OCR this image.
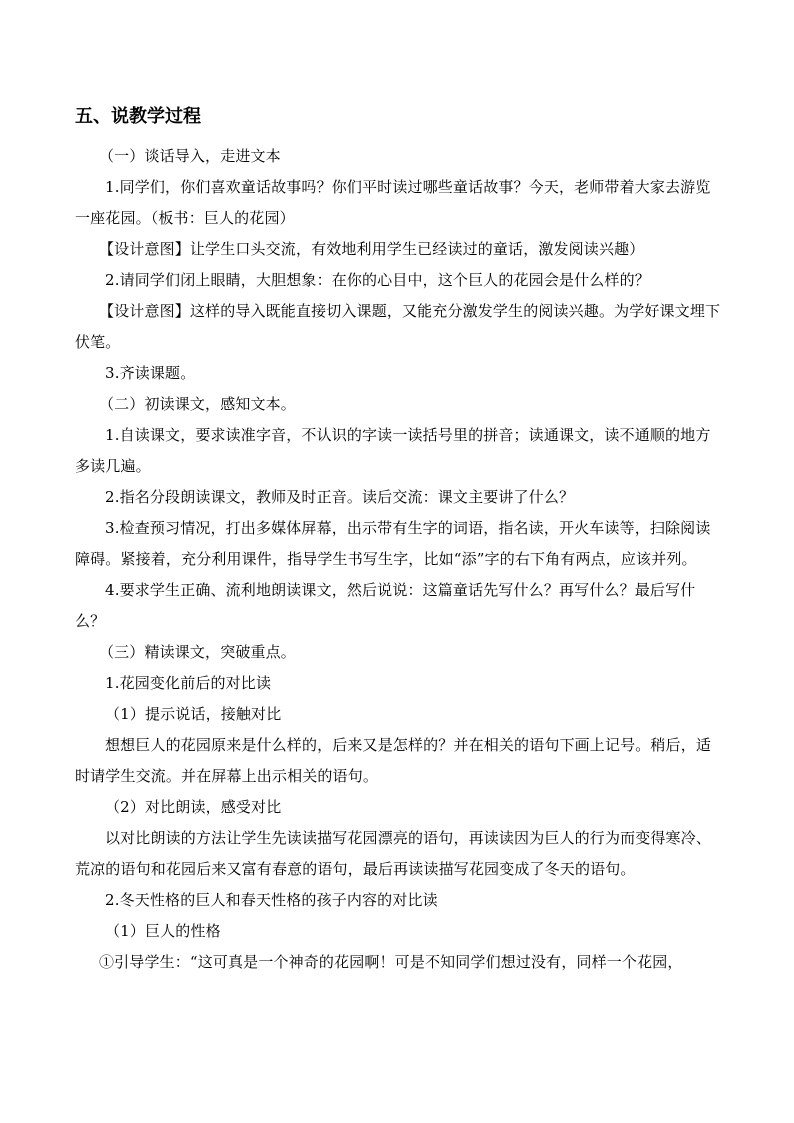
五、说教学过程

（一）谈话导入，走进文本

1.同学们，你们喜欢童话故事吗？你们平时读过哪些童话故事？今天，老师带着大家去游览一座花园。（板书：巨人的花园）

【设计意图】让学生口头交流，有效地利用学生已经读过的童话，激发阅读兴趣）

2.请同学们闭上眼睛，大胆想象：在你的心目中，这个巨人的花园会是什么样的？

【设计意图】这样的导入既能直接切入课题，又能充分激发学生的阅读兴趣。为学好课文埋下伏笔。

3.齐读课题。

（二）初读课文，感知文本。

1.自读课文，要求读准字音，不认识的字读一读括号里的拼音；读通课文，读不通顺的地方多读几遍。

2.指名分段朗读课文，教师及时正音。读后交流：课文主要讲了什么？

3.检查预习情况，打出多媒体屏幕，出示带有生字的词语，指名读，开火车读等，扫除阅读障碍。紧接着，充分利用课件，指导学生书写生字，比如“添”字的右下角有两点，应该并列。

4.要求学生正确、流利地朗读课文，然后说说：这篇童话先写什么？再写什么？最后写什么？

（三）精读课文，突破重点。

1.花园变化前后的对比读

（1）提示说话，接触对比

想想巨人的花园原来是什么样的，后来又是怎样的？并在相关的语句下画上记号。稍后，适时请学生交流。并在屏幕上出示相关的语句。

（2）对比朗读，感受对比

以对比朗读的方法让学生先读读描写花园漂亮的语句，再读读因为巨人的行为而变得寒冷、荒凉的语句和花园后来又富有春意的语句，最后再读读描写花园变成了冬天的语句。

2.冬天性格的巨人和春天性格的孩子内容的对比读

（1）巨人的性格

①引导学生：“这可真是一个神奇的花园啊！可是不知同学们想过没有，同样一个花园，
